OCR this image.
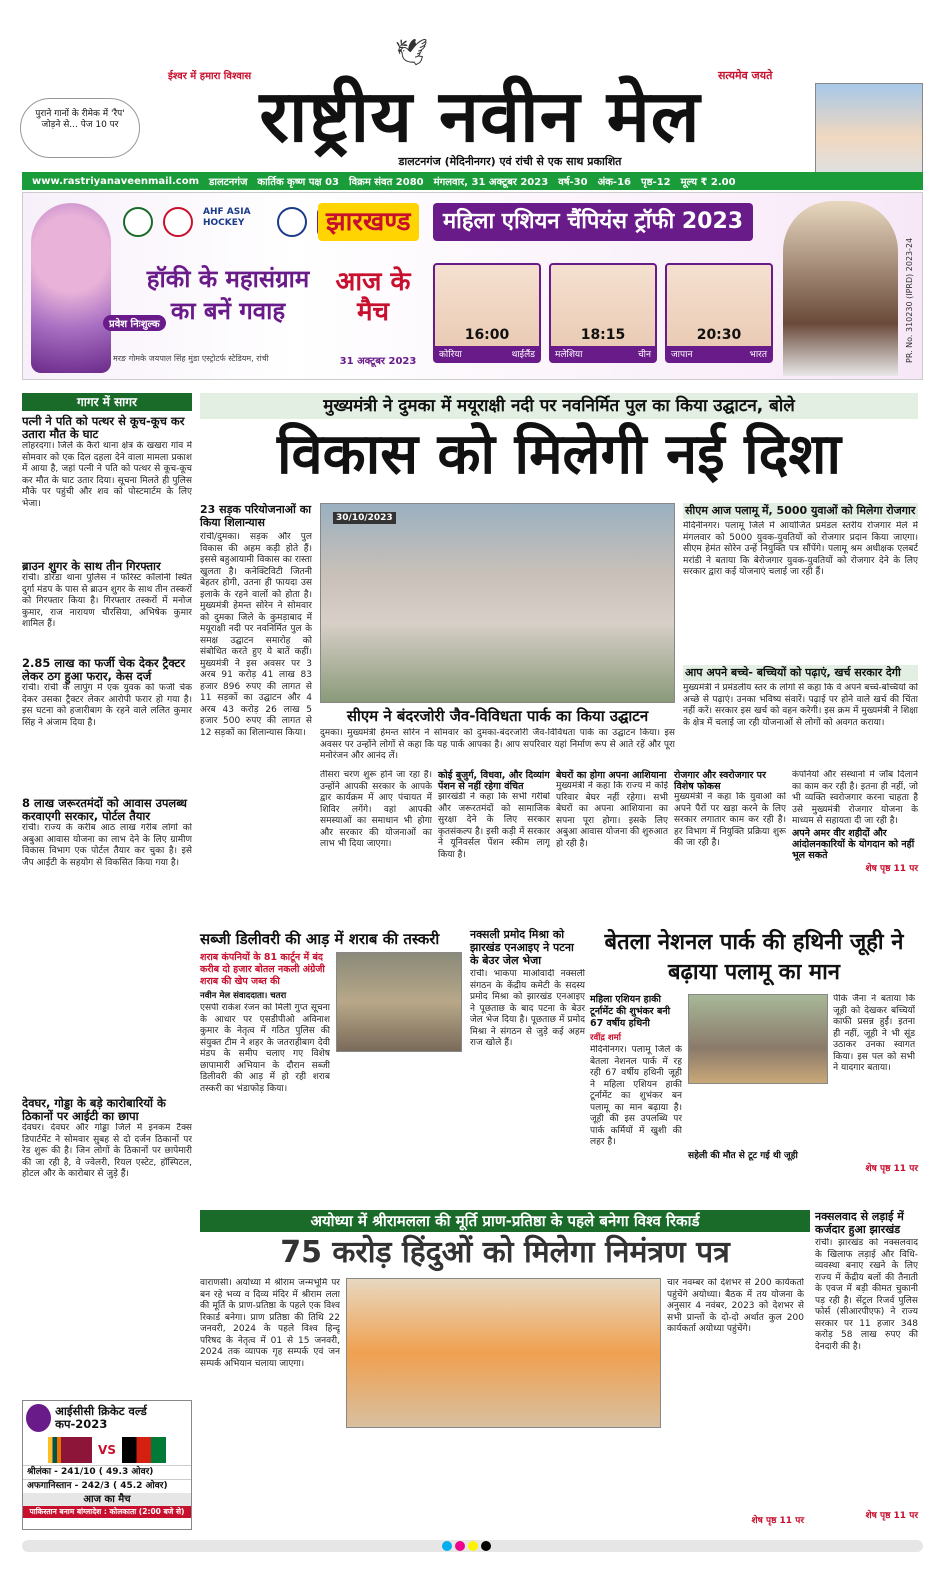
ईश्वर में हमारा विश्वास	सत्यमेव जयते
🕊
राष्ट्रीय नवीन मेल
डालटनगंज (मेदिनीनगर) एवं रांची से एक साथ प्रकाशित
पुराने गानों के रीमेक में 'रैप' जोड़ने से... पेज 10 पर
www.rastriyanaveenmail.com डालटनगंज कार्तिक कृष्ण पक्ष 03 विक्रम संवत 2080 मंगलवार, 31 अक्टूबर 2023 वर्ष-30 अंक-16 पृष्ठ-12 मूल्य ₹ 2.00
AHF ASIA HOCKEY	झारखण्ड	महिला एशियन चैंपियंस ट्रॉफी 2023
हॉकी के महासंग्राम का बनें गवाह
प्रवेश निःशुल्क
आज के मैच
31 अक्टूबर 2023
मरङ गोमके जयपाल सिंह मुंडा एस्ट्रोटर्फ स्टेडियम, रांची
16:00
कोरिया	थाईलैंड
18:15
मलेशिया	चीन
20:30
जापान	भारत	PR. No. 310230 (IPRD) 2023-24
गागर में सागर
पत्नी ने पति को पत्थर से कूच-कूच कर उतारा मौत के घाट
लोहरदगा। जिले के कैरो थाना क्षेत्र के खखरा गांव में सोमवार को एक दिल दहला देने वाला मामला प्रकाश में आया है, जहां पत्नी ने पति को पत्थर से कूच-कूच कर मौत के घाट उतार दिया। सूचना मिलते ही पुलिस मौके पर पहुंची और शव को पोस्टमार्टम के लिए भेजा।
ब्राउन शुगर के साथ तीन गिरफ्तार
रांची। डोरंडा थाना पुलिस ने फॉरेस्ट कॉलोनी स्थित दुर्गा मंडप के पास से ब्राउन शुगर के साथ तीन तस्करों को गिरफ्तार किया है। गिरफ्तार तस्करों में मनोज कुमार, राज नारायण चौरसिया, अभिषेक कुमार शामिल हैं।
2.85 लाख का फर्जी चेक देकर ट्रैक्टर लेकर ठग हुआ फरार, केस दर्ज
रांची। रांची के लापुंग में एक युवक को फर्जी चेक देकर उसका ट्रैक्टर लेकर आरोपी फरार हो गया है। इस घटना को हजारीबाग के रहने वाले ललित कुमार सिंह ने अंजाम दिया है।
8 लाख जरूरतमंदों को आवास उपलब्ध करवाएगी सरकार, पोर्टल तैयार
रांची। राज्य के करीब आठ लाख गरीब लोगों को अबुआ आवास योजना का लाभ देने के लिए ग्रामीण विकास विभाग एक पोर्टल तैयार कर चुका है। इसे जैप आईटी के सहयोग से विकसित किया गया है।
देवघर, गोड्डा के बड़े कारोबारियों के ठिकानों पर आईटी का छापा
देवघर। देवघर और गोड्डा जिले में इनकम टैक्स डिपार्टमेंट ने सोमवार सुबह से दो दर्जन ठिकानों पर रेड शुरू की है। जिन लोगों के ठिकानों पर छापेमारी की जा रही है, वे ज्वेलरी, रियल एस्टेट, हॉस्पिटल, होटल और के कारोबार से जुड़े हैं।
मुख्यमंत्री ने दुमका में मयूराक्षी नदी पर नवनिर्मित पुल का किया उद्घाटन, बोले
विकास को मिलेगी नई दिशा
23 सड़क परियोजनाओं का किया शिलान्यास
रांची/दुमका। सड़क और पुल विकास की अहम कड़ी होते हैं। इससे बहुआयामी विकास का रास्ता खुलता है। कनेक्टिविटी जितनी बेहतर होगी, उतना ही फायदा उस इलाके के रहने वालों को होता है। मुख्यमंत्री हेमन्त सोरेन ने सोमवार को दुमका जिले के कुमड़ाबाद में मयूराक्षी नदी पर नवनिर्मित पुल के समक्ष उद्घाटन समारोह को संबोधित करते हुए ये बातें कहीं। मुख्यमंत्री ने इस अवसर पर 3 अरब 91 करोड़ 41 लाख 83 हजार 896 रुपए की लागत से 11 सड़कों का उद्घाटन और 4 अरब 43 करोड़ 26 लाख 5 हजार 500 रुपए की लागत से 12 सड़कों का शिलान्यास किया।
30/10/2023
सीएम ने बंदरजोरी जैव-विविधता पार्क का किया उद्घाटन
दुमका। मुख्यमंत्री हेमन्त सोरेन ने सोमवार को दुमका-बंदरजोरी जैव-विविधता पार्क का उद्घाटन किया। इस अवसर पर उन्होंने लोगों से कहा कि यह पार्क आपका है। आप सपरिवार यहां निर्माण रूप से आते रहें और पूरा मनोरंजन और आनंद लें।
सीएम आज पलामू में, 5000 युवाओं को मिलेगा रोजगार
मेदिनीनगर। पलामू जिले में आयोजित प्रमंडल स्तरीय रोजगार मेले में मंगलवार को 5000 युवक-युवतियों को रोजगार प्रदान किया जाएगा। सीएम हेमंत सोरेन उन्हें नियुक्ति पत्र सौंपेंगे। पलामू श्रम अधीक्षक एलबर्ट मरांडी ने बताया कि बेरोजगार युवक-युवतियों को रोजगार देने के लिए सरकार द्वारा कई योजनाएं चलाई जा रही हैं।
आप अपने बच्चे- बच्चियों को पढ़ाएं, खर्च सरकार देगी
मुख्यमंत्री ने प्रमंडलीय स्तर के लोगों से कहा कि वे अपने बच्चे-बच्चियों को अच्छे से पढ़ाएं। उनका भविष्य संवारें। पढ़ाई पर होने वाले खर्च की चिंता नहीं करें। सरकार इस खर्च को वहन करेगी। इस क्रम में मुख्यमंत्री ने शिक्षा के क्षेत्र में चलाई जा रही योजनाओं से लोगों को अवगत कराया।
तीसरा चरण शुरू होने जा रहा है। उन्होंने आपकी सरकार के आपके द्वार कार्यक्रम में आए पंचायत में शिविर लगेंगे। वहां आपकी समस्याओं का समाधान भी होगा और सरकार की योजनाओं का लाभ भी दिया जाएगा।
कोई बुजुर्ग, विधवा, और दिव्यांग पेंशन से नहीं रहेगा वंचित
झारखंडी ने कहा कि सभी गरीबों और जरूरतमंदों को सामाजिक सुरक्षा देने के लिए सरकार कृतसंकल्प है। इसी कड़ी में सरकार ने यूनिवर्सल पेंशन स्कीम लागू किया है।
बेघरों का होगा अपना आशियाना
मुख्यमंत्री ने कहा कि राज्य में कोई परिवार बेघर नहीं रहेगा। सभी बेघरों का अपना आशियाना का सपना पूरा होगा। इसके लिए अबुआ आवास योजना की शुरुआत हो रही है।
रोजगार और स्वरोजगार पर विशेष फोकस
मुख्यमंत्री ने कहा कि युवाओं को अपने पैरों पर खड़ा करने के लिए सरकार लगातार काम कर रही है। हर विभाग में नियुक्ति प्रक्रिया शुरू की जा रही है।
कंपनियों और संस्थानों में जॉब दिलाने का काम कर रही है। इतना ही नहीं, जो भी व्यक्ति स्वरोजगार करना चाहता है उसे मुख्यमंत्री रोजगार योजना के माध्यम से सहायता दी जा रही है।
अपने अमर वीर शहीदों और आंदोलनकारियों के योगदान को नहीं भूल सकते
शेष पृष्ठ 11 पर
सब्जी डिलीवरी की आड़ में शराब की तस्करी
शराब कंपनियों के 81 कार्टून में बंद करीब दो हजार बोतल नकली अंग्रेजी शराब की खेप जब्त की
नवीन मेल संवाददाता। चतरा
एसपी राकेश रंजन को मिली गुप्त सूचना के आधार पर एसडीपीओ अविनाश कुमार के नेतृत्व में गठित पुलिस की संयुक्त टीम ने शहर के जतराहीबाग देवी मंडप के समीप चलाए गए विशेष छापामारी अभियान के दौरान सब्जी डिलीवरी की आड़ में हो रही शराब तस्करी का भंडाफोड़ किया।
नक्सली प्रमोद मिश्रा को झारखंड एनआइए ने पटना के बेउर जेल भेजा
रांची। भाकपा माओवादी नक्सली संगठन के केंद्रीय कमेटी के सदस्य प्रमोद मिश्रा को झारखंड एनआइए ने पूछताछ के बाद पटना के बेउर जेल भेज दिया है। पूछताछ में प्रमोद मिश्रा ने संगठन से जुड़े कई अहम राज खोले हैं।
बेतला नेशनल पार्क की हथिनी जूही ने बढ़ाया पलामू का मान
महिला एशियन हाकी टूर्नामेंट की शुभंकर बनी 67 वर्षीय हथिनी
रवींद्र शर्मा
मेदिनीनगर। पलामू जिले के बेतला नेशनल पार्क में रह रही 67 वर्षीय हथिनी जूही ने महिला एशियन हाकी टूर्नामेंट का शुभंकर बन पलामू का मान बढ़ाया है। जूही की इस उपलब्धि पर पार्क कर्मियों में खुशी की लहर है।
पीके जैना ने बताया कि जूही को देखकर बच्चियों काफी प्रसन्न हुईं। इतना ही नहीं, जूही ने भी सूंड उठाकर उनका स्वागत किया। इस पल को सभी ने यादगार बताया।
सहेली की मौत से टूट गई थी जूही
शेष पृष्ठ 11 पर
अयोध्या में श्रीरामलला की मूर्ति प्राण-प्रतिष्ठा के पहले बनेगा विश्व रिकार्ड
75 करोड़ हिंदुओं को मिलेगा निमंत्रण पत्र
वाराणसी। अयोध्या में श्रीराम जन्मभूमि पर बन रहे भव्य व दिव्य मंदिर में श्रीराम लला की मूर्ति के प्राण-प्रतिष्ठा के पहले एक विश्व रिकार्ड बनेगा। प्राण प्रतिष्ठा की तिथि 22 जनवरी, 2024 के पहले विश्व हिन्दू परिषद के नेतृत्व में 01 से 15 जनवरी, 2024 तक व्यापक गृह सम्पर्क एवं जन सम्पर्क अभियान चलाया जाएगा।
चार नवम्बर को देशभर से 200 कार्यकर्ता पहुंचेंगे अयोध्या। बैठक में तय योजना के अनुसार 4 नवंबर, 2023 को देशभर से सभी प्रान्तों के दो-दो अर्थात कुल 200 कार्यकर्ता अयोध्या पहुंचेंगे।
शेष पृष्ठ 11 पर
नक्सलवाद से लड़ाई में कर्जदार हुआ झारखंड
रांची। झारखंड को नक्सलवाद के खिलाफ लड़ाई और विधि-व्यवस्था बनाए रखने के लिए राज्य में केंद्रीय बलों की तैनाती के एवज में बड़ी कीमत चुकानी पड़ रही है। सेंट्रल रिजर्व पुलिस फोर्स (सीआरपीएफ) ने राज्य सरकार पर 11 हजार 348 करोड़ 58 लाख रुपए की देनदारी की है।
शेष पृष्ठ 11 पर
आईसीसी क्रिकेट वर्ल्ड कप-2023
VS
श्रीलंका - 241/10 ( 49.3 ओवर)
अफगानिस्तान - 242/3 ( 45.2 ओवर)
आज का मैच
पाकिस्तान बनाम बांग्लादेश : कोलकाता (2:00 बजे से)
